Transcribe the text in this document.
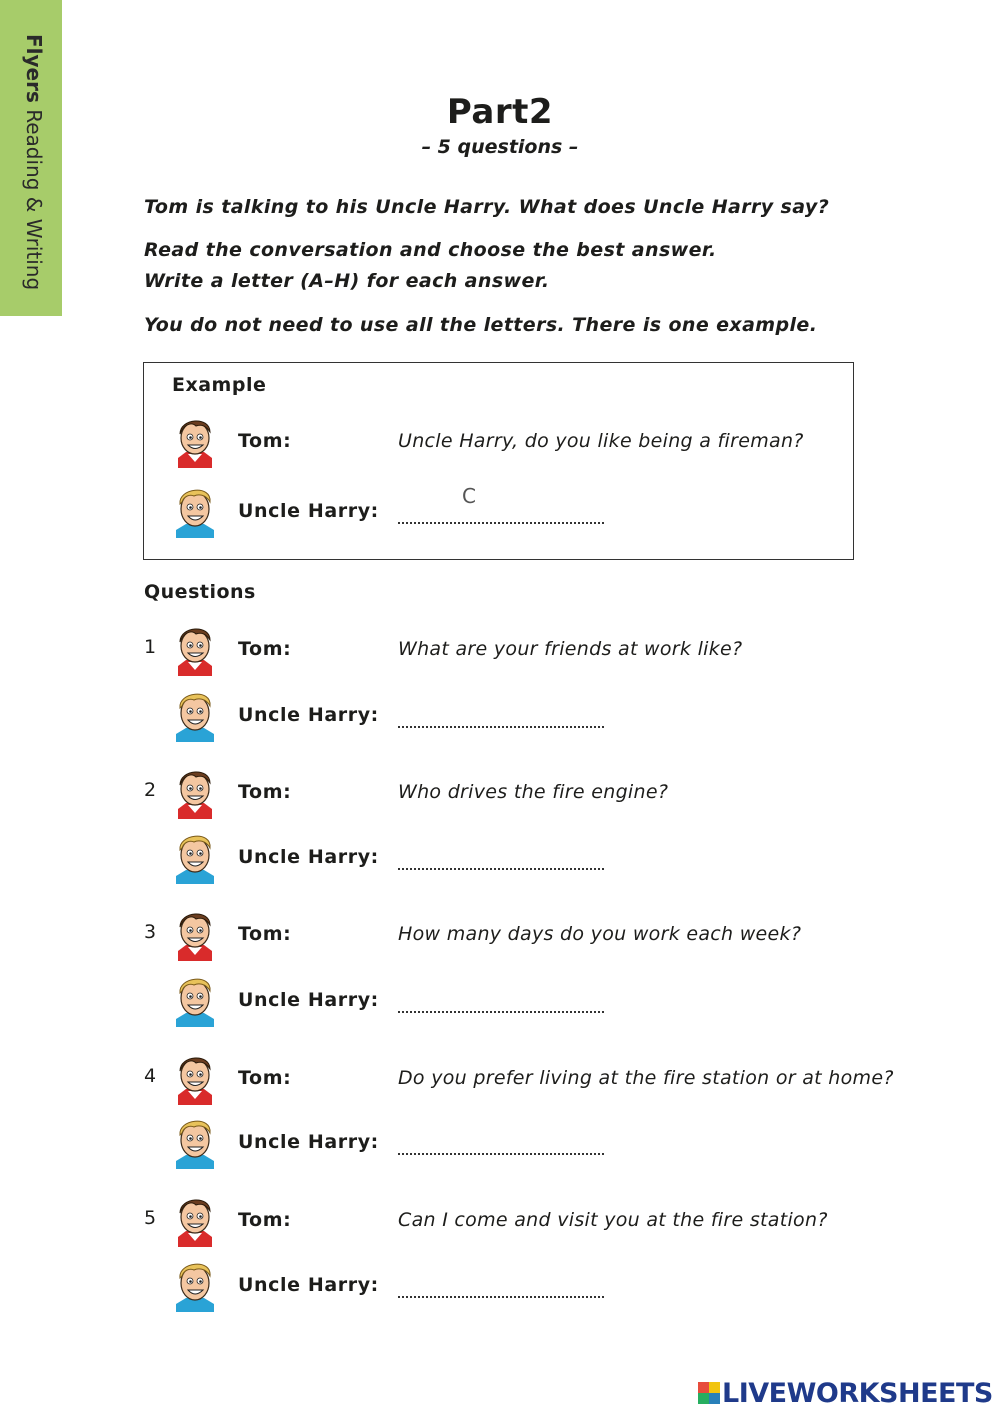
Flyers Reading & Writing	Part2
– 5 questions –
Tom is talking to his Uncle Harry. What does Uncle Harry say?
Read the conversation and choose the best answer.
Write a letter (A–H) for each answer.
You do not need to use all the letters. There is one example.
Example
Tom:	Uncle Harry, do you like being a fireman?
Uncle Harry:
C
Questions
1	Tom:	What are your friends at work like?
Uncle Harry:
2	Tom:	Who drives the fire engine?
Uncle Harry:
3	Tom:	How many days do you work each week?
Uncle Harry:
4	Tom:	Do you prefer living at the fire station or at home?
Uncle Harry:
5	Tom:	Can I come and visit you at the fire station?
Uncle Harry:
LIVEWORKSHEETS
